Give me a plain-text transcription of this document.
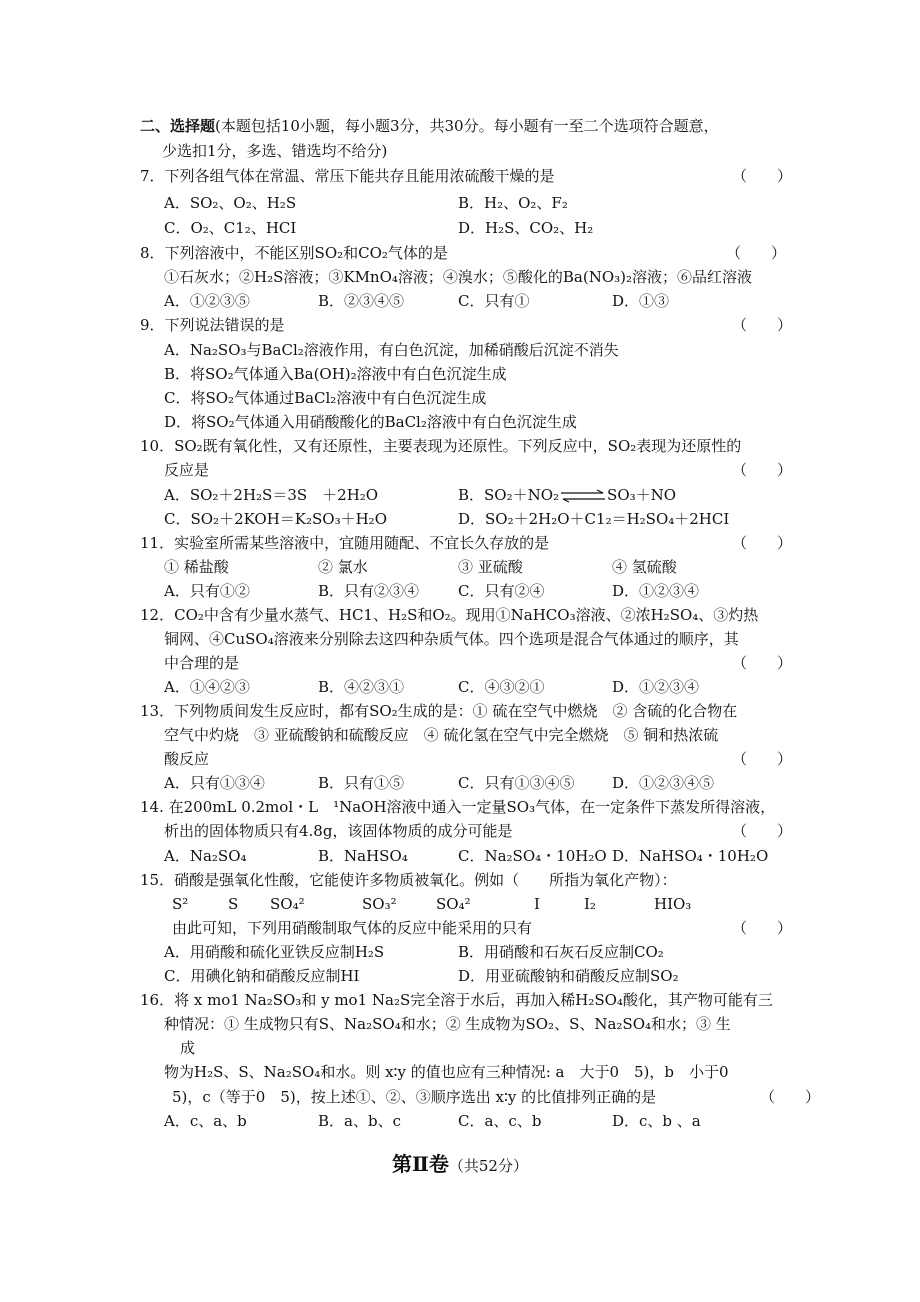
二、选择题(本题包括10小题，每小题3分，共30分。每小题有一至二个选项符合题意，
少选扣1分，多选、错选均不给分)
7．下列各组气体在常温、常压下能共存且能用浓硫酸干燥的是	（　　）
A．SO₂、O₂、H₂S	B．H₂、O₂、F₂
C．O₂、C1₂、HCI	D．H₂S、CO₂、H₂
8．下列溶液中，不能区别SO₂和CO₂气体的是	（　　）
①石灰水；②H₂S溶液；③KMnO₄溶液；④溴水；⑤酸化的Ba(NO₃)₂溶液；⑥品红溶液
A．①②③⑤	B．②③④⑤	C．只有①	D．①③
9．下列说法错误的是	（　　）
A．Na₂SO₃与BaCl₂溶液作用，有白色沉淀，加稀硝酸后沉淀不消失
B．将SO₂气体通入Ba(OH)₂溶液中有白色沉淀生成
C．将SO₂气体通过BaCl₂溶液中有白色沉淀生成
D．将SO₂气体通入用硝酸酸化的BaCl₂溶液中有白色沉淀生成
10．SO₂既有氧化性，又有还原性，主要表现为还原性。下列反应中，SO₂表现为还原性的
反应是	（　　）
A．SO₂＋2H₂S＝3S　＋2H₂O	B．SO₂＋NO₂⇌SO₃＋NO
C．SO₂＋2KOH＝K₂SO₃＋H₂O	D．SO₂＋2H₂O＋C1₂＝H₂SO₄＋2HCI
11．实验室所需某些溶液中，宜随用随配、不宜长久存放的是	（　　）
① 稀盐酸	② 氯水	③ 亚硫酸	④ 氢硫酸
A．只有①②	B．只有②③④	C．只有②④	D．①②③④
12．CO₂中含有少量水蒸气、HC1、H₂S和O₂。现用①NaHCO₃溶液、②浓H₂SO₄、③灼热
铜网、④CuSO₄溶液来分别除去这四种杂质气体。四个选项是混合气体通过的顺序，其
中合理的是	（　　）
A．①④②③	B．④②③①	C．④③②①	D．①②③④
13．下列物质间发生反应时，都有SO₂生成的是：① 硫在空气中燃烧　② 含硫的化合物在
空气中灼烧　③ 亚硫酸钠和硫酸反应　④ 硫化氢在空气中完全燃烧　⑤ 铜和热浓硫
酸反应	（　　）
A．只有①③④	B．只有①⑤	C．只有①③④⑤	D．①②③④⑤
14. 在200mL 0.2mol・L　¹NaOH溶液中通入一定量SO₃气体，在一定条件下蒸发所得溶液，
析出的固体物质只有4.8g，该固体物质的成分可能是	（　　）
A．Na₂SO₄	B．NaHSO₄	C．Na₂SO₄・10H₂O D．NaHSO₄・10H₂O
15．硝酸是强氧化性酸，它能使许多物质被氧化。例如（　　所指为氧化产物）：
S²	S SO₄²	SO₃²	SO₄²	I	I₂	HIO₃
由此可知，下列用硝酸制取气体的反应中能采用的只有	（　　）
A．用硝酸和硫化亚铁反应制H₂S	B．用硝酸和石灰石反应制CO₂
C．用碘化钠和硝酸反应制HI	D．用亚硫酸钠和硝酸反应制SO₂
16．将 x mo1 Na₂SO₃和 y mo1 Na₂S完全溶于水后，再加入稀H₂SO₄酸化，其产物可能有三
种情况：① 生成物只有S、Na₂SO₄和水；② 生成物为SO₂、S、Na₂SO₄和水；③ 生
成
物为H₂S、S、Na₂SO₄和水。则 x∶y 的值也应有三种情况: a　大于0　5)，b　小于0
5)，c（等于0　5)，按上述①、②、③顺序选出 x∶y 的比值排列正确的是	（　　）
A．c、a、b	B．a、b、c	C．a、c、b	D．c、b 、a
第Ⅱ卷（共52分）
